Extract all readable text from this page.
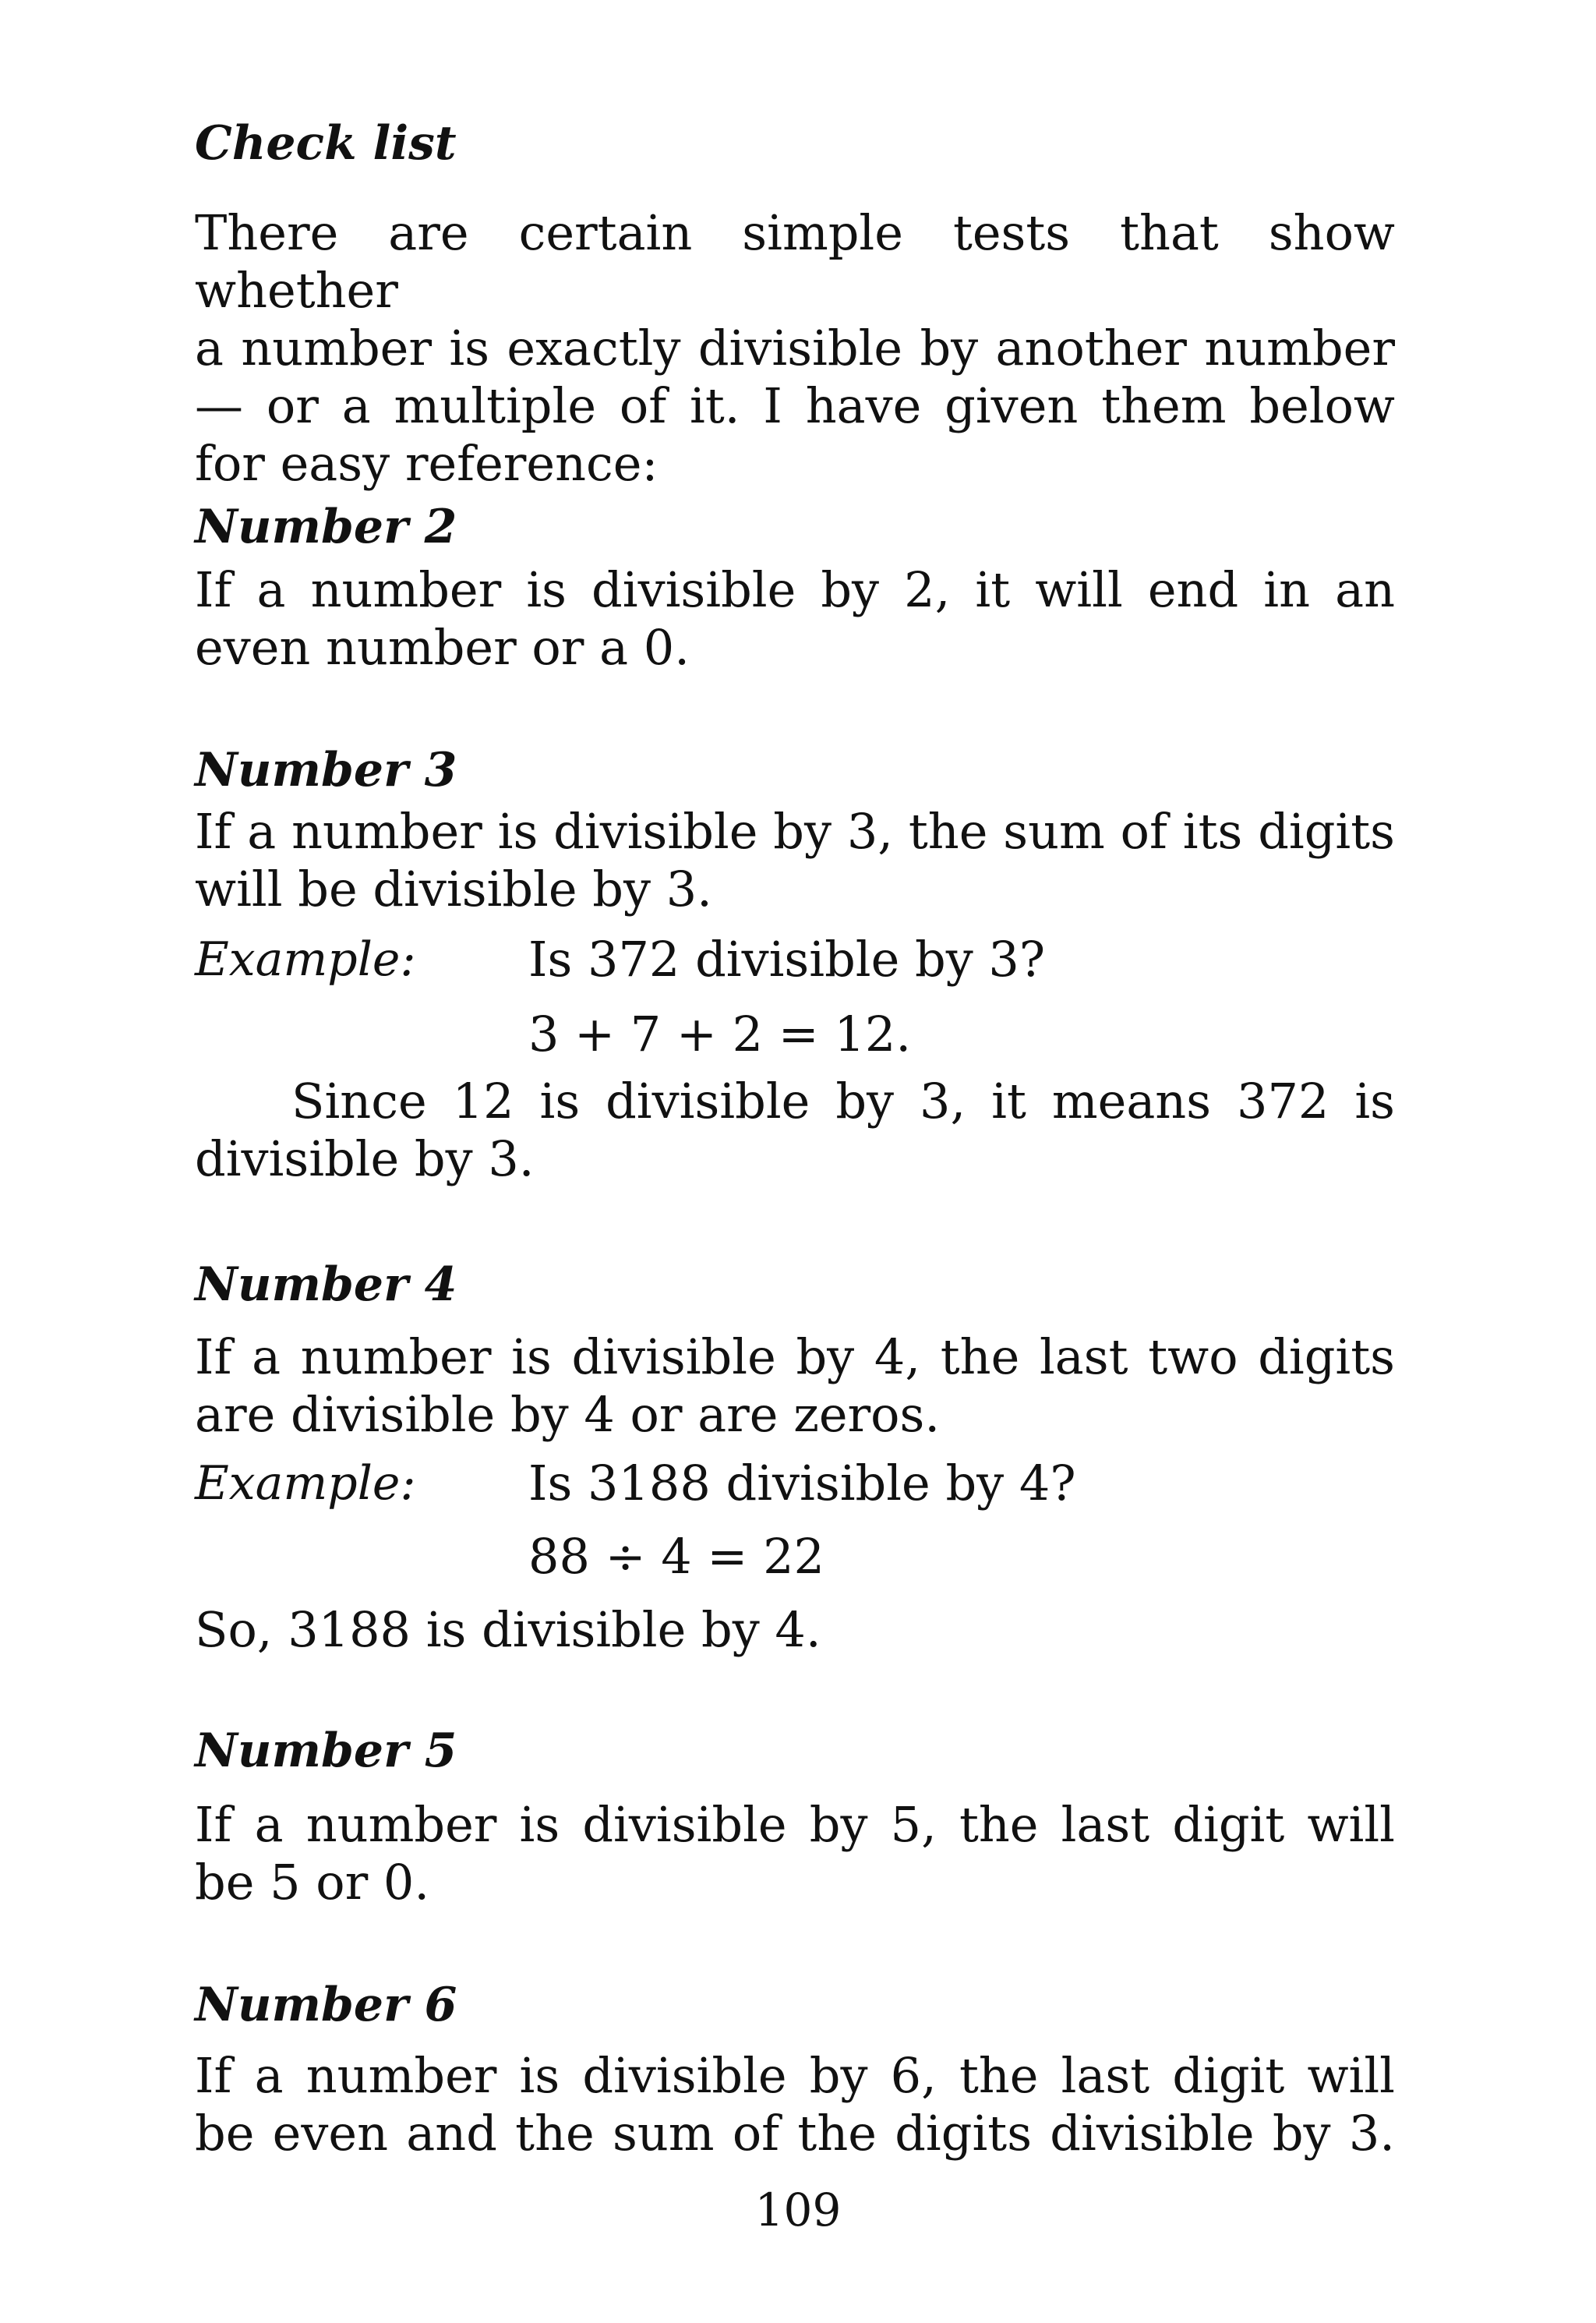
Check list

There are certain simple tests that show whether
a number is exactly divisible by another number
— or a multiple of it. I have given them below
for easy reference:

Number 2

If a number is divisible by 2, it will end in an
even number or a 0.

Number 3

If a number is divisible by 3, the sum of its digits
will be divisible by 3.

Example: Is 372 divisible by 3?
3 + 7 + 2 = 12.

Since 12 is divisible by 3, it means 372 is
divisible by 3.

Number 4

If a number is divisible by 4, the last two digits
are divisible by 4 or are zeros.

Example: Is 3188 divisible by 4?
88 ÷ 4 = 22

So, 3188 is divisible by 4.

Number 5

If a number is divisible by 5, the last digit will
be 5 or 0.

Number 6

If a number is divisible by 6, the last digit will
be even and the sum of the digits divisible by 3.

109
